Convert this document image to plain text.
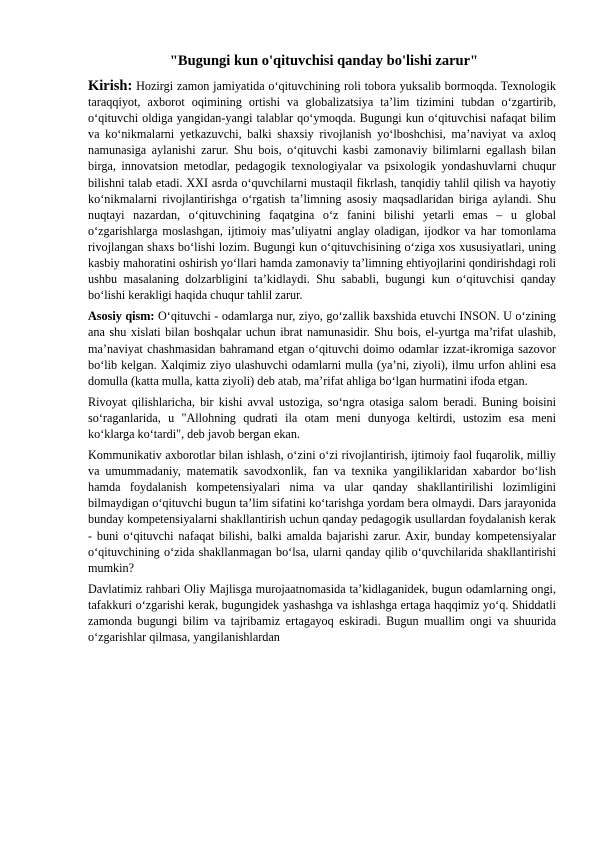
"Bugungi kun o'qituvchisi qanday bo'lishi zarur"

Kirish: Hozirgi zamon jamiyatida o‘qituvchining roli tobora yuksalib bormoqda. Texnologik taraqqiyot, axborot oqimining ortishi va globalizatsiya ta’lim tizimini tubdan o‘zgartirib, o‘qituvchi oldiga yangidan-yangi talablar qo‘ymoqda. Bugungi kun o‘qituvchisi nafaqat bilim va ko‘nikmalarni yetkazuvchi, balki shaxsiy rivojlanish yo‘lboshchisi, ma’naviyat va axloq namunasiga aylanishi zarur. Shu bois, o‘qituvchi kasbi zamonaviy bilimlarni egallash bilan birga, innovatsion metodlar, pedagogik texnologiyalar va psixologik yondashuvlarni chuqur bilishni talab etadi. XXI asrda o‘quvchilarni mustaqil fikrlash, tanqidiy tahlil qilish va hayotiy ko‘nikmalarni rivojlantirishga o‘rgatish ta’limning asosiy maqsadlaridan biriga aylandi. Shu nuqtayi nazardan, o‘qituvchining faqatgina o‘z fanini bilishi yetarli emas – u global o‘zgarishlarga moslashgan, ijtimoiy mas’uliyatni anglay oladigan, ijodkor va har tomonlama rivojlangan shaxs bo‘lishi lozim. Bugungi kun o‘qituvchisining o‘ziga xos xususiyatlari, uning kasbiy mahoratini oshirish yo‘llari hamda zamonaviy ta’limning ehtiyojlarini qondirishdagi roli ushbu masalaning dolzarbligini ta’kidlaydi. Shu sababli, bugungi kun o‘qituvchisi qanday bo‘lishi kerakligi haqida chuqur tahlil zarur.

Asosiy qism: O‘qituvchi - odamlarga nur, ziyo, go‘zallik baxshida etuvchi INSON. U o‘zining ana shu xislati bilan boshqalar uchun ibrat namunasidir. Shu bois, el-yurtga ma’rifat ulashib, ma’naviyat chashmasidan bahramand etgan o‘qituvchi doimo odamlar izzat-ikromiga sazovor bo‘lib kelgan. Xalqimiz ziyo ulashuvchi odamlarni mulla (ya’ni, ziyoli), ilmu urfon ahlini esa domulla (katta mulla, katta ziyoli) deb atab, ma’rifat ahliga bo‘lgan hurmatini ifoda etgan.

Rivoyat qilishlaricha, bir kishi avval ustoziga, so‘ngra otasiga salom beradi. Buning boisini so‘raganlarida, u "Allohning qudrati ila otam meni dunyoga keltirdi, ustozim esa meni ko‘klarga ko‘tardi", deb javob bergan ekan.

Kommunikativ axborotlar bilan ishlash, o‘zini o‘zi rivojlantirish, ijtimoiy faol fuqarolik, milliy va umummadaniy, matematik savodxonlik, fan va texnika yangiliklaridan xabardor bo‘lish hamda foydalanish kompetensiyalari nima va ular qanday shakllantirilishi lozimligini bilmaydigan o‘qituvchi bugun ta’lim sifatini ko‘tarishga yordam bera olmaydi. Dars jarayonida bunday kompetensiyalarni shakllantirish uchun qanday pedagogik usullardan foydalanish kerak - buni o‘qituvchi nafaqat bilishi, balki amalda bajarishi zarur. Axir, bunday kompetensiyalar o‘qituvchining o‘zida shakllanmagan bo‘lsa, ularni qanday qilib o‘quvchilarida shakllantirishi mumkin?

Davlatimiz rahbari Oliy Majlisga murojaatnomasida ta’kidlaganidek, bugun odamlarning ongi, tafakkuri o‘zgarishi kerak, bugungidek yashashga va ishlashga ertaga haqqimiz yo‘q. Shiddatli zamonda bugungi bilim va tajribamiz ertagayoq eskiradi. Bugun muallim ongi va shuurida o‘zgarishlar qilmasa, yangilanishlardan
